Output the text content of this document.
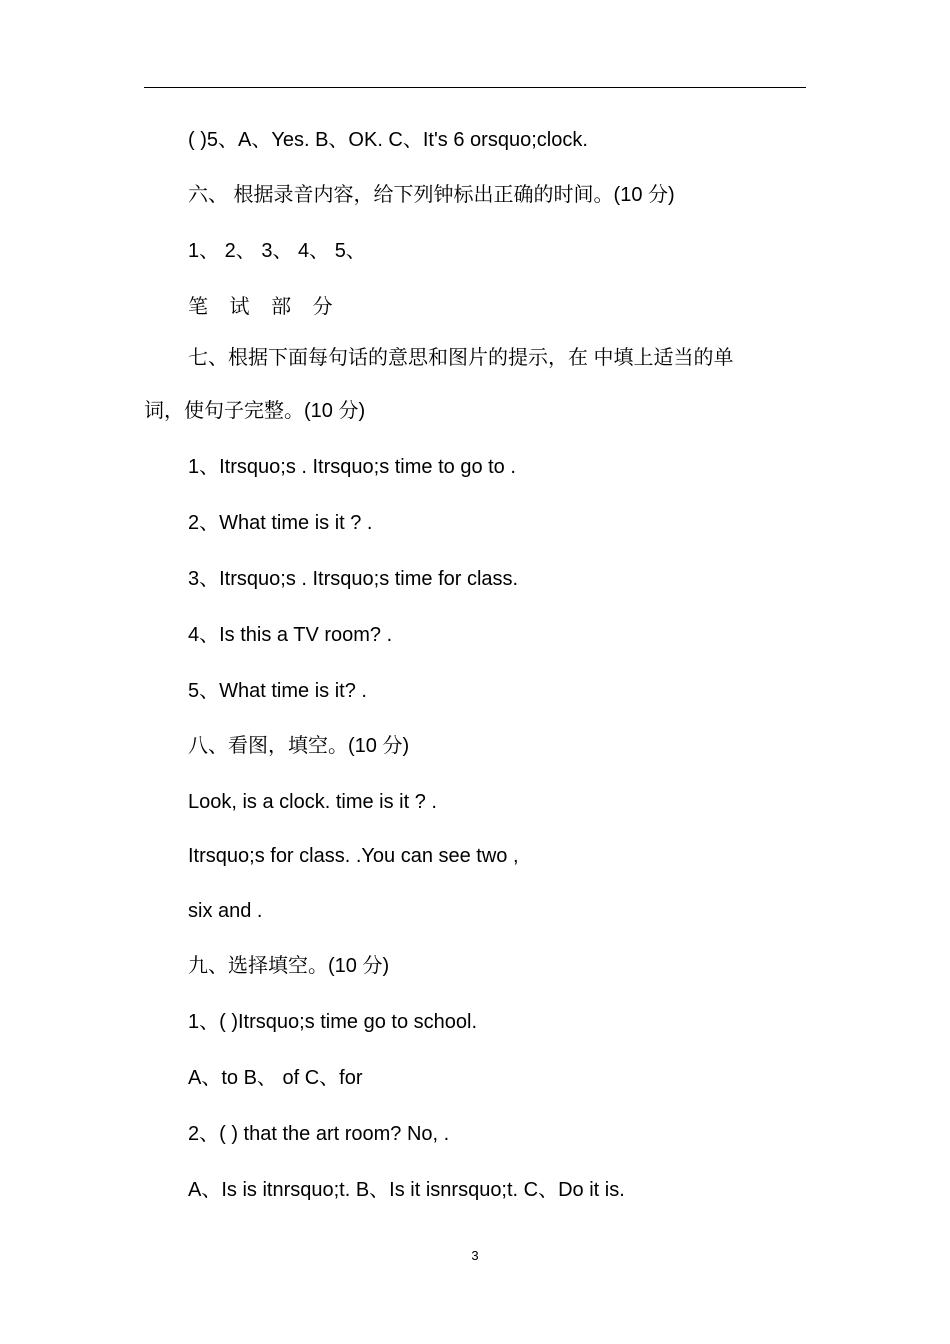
( )5、A、Yes. B、OK. C、It's 6 orsquo;clock.
六、 根据录音内容，给下列钟标出正确的时间。(10 分)
1、 2、 3、 4、 5、
笔 试 部 分
七、根据下面每句话的意思和图片的提示，在 中填上适当的单
词，使句子完整。(10 分)
1、Itrsquo;s . Itrsquo;s time to go to .
2、What time is it ? .
3、Itrsquo;s . Itrsquo;s time for class.
4、Is this a TV room? .
5、What time is it? .
八、看图，填空。(10 分)
Look, is a clock. time is it ? .
Itrsquo;s for class. .You can see two ,
six and .
九、选择填空。(10 分)
1、( )Itrsquo;s time go to school.
A、to B、 of C、for
2、( ) that the art room? No, .
A、Is is itnrsquo;t. B、Is it isnrsquo;t. C、Do it is.
3
